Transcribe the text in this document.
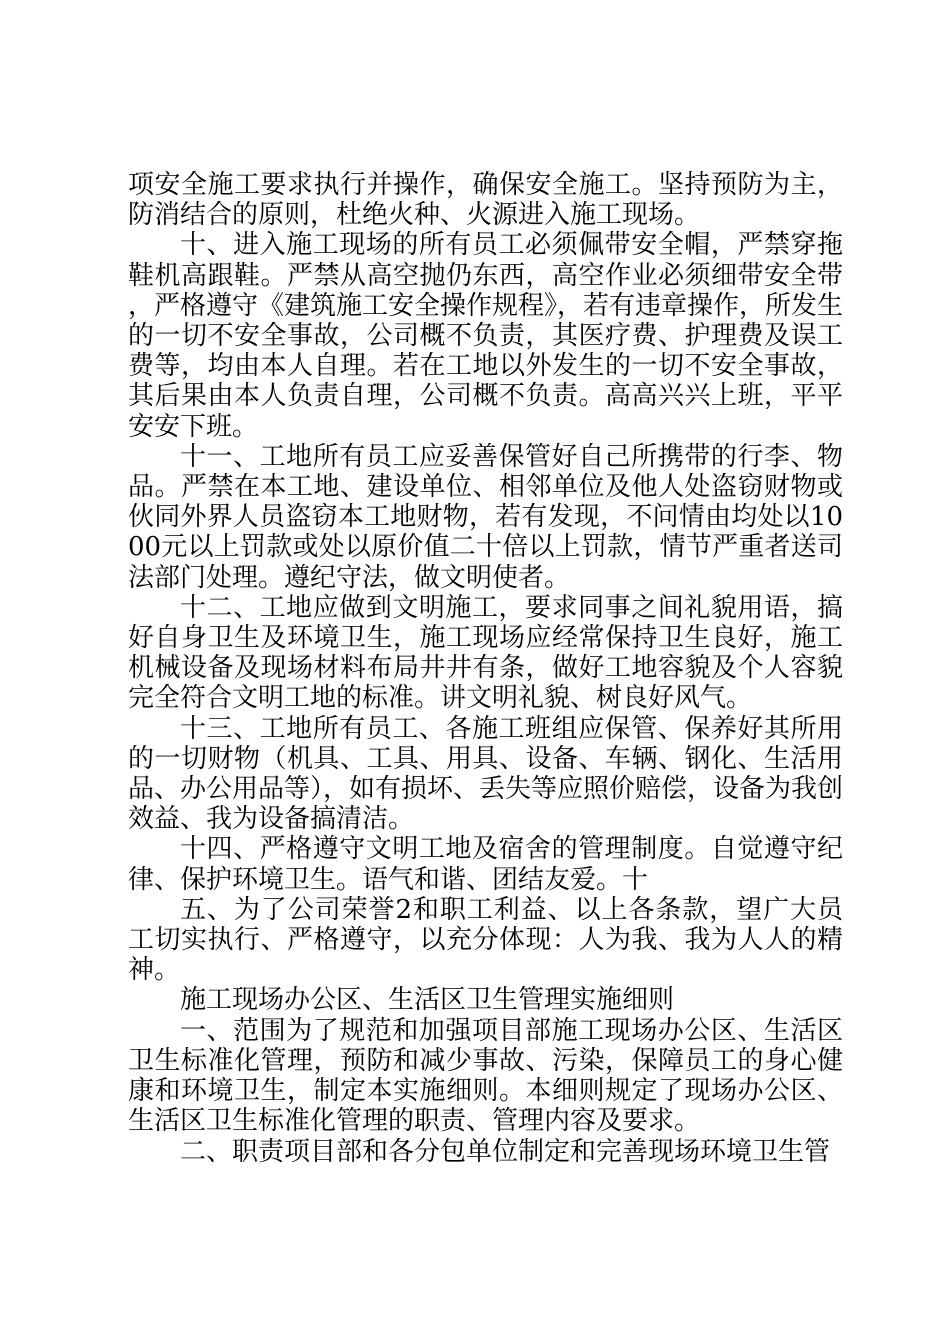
项安全施工要求执行并操作，确保安全施工。坚持预防为主，防消结合的原则，杜绝火种、火源进入施工现场。

十、进入施工现场的所有员工必须佩带安全帽，严禁穿拖鞋机高跟鞋。严禁从高空抛仍东西，高空作业必须细带安全带，严格遵守《建筑施工安全操作规程》，若有违章操作，所发生的一切不安全事故，公司概不负责，其医疗费、护理费及误工费等，均由本人自理。若在工地以外发生的一切不安全事故，其后果由本人负责自理，公司概不负责。高高兴兴上班，平平安安下班。

十一、工地所有员工应妥善保管好自己所携带的行李、物品。严禁在本工地、建设单位、相邻单位及他人处盗窃财物或伙同外界人员盗窃本工地财物，若有发现，不问情由均处以1000元以上罚款或处以原价值二十倍以上罚款，情节严重者送司法部门处理。遵纪守法，做文明使者。

十二、工地应做到文明施工，要求同事之间礼貌用语，搞好自身卫生及环境卫生，施工现场应经常保持卫生良好，施工机械设备及现场材料布局井井有条，做好工地容貌及个人容貌完全符合文明工地的标准。讲文明礼貌、树良好风气。

十三、工地所有员工、各施工班组应保管、保养好其所用的一切财物（机具、工具、用具、设备、车辆、钢化、生活用品、办公用品等），如有损坏、丢失等应照价赔偿，设备为我创效益、我为设备搞清洁。

十四、严格遵守文明工地及宿舍的管理制度。自觉遵守纪律、保护环境卫生。语气和谐、团结友爱。十

五、为了公司荣誉2和职工利益、以上各条款，望广大员工切实执行、严格遵守，以充分体现：人为我、我为人人的精神。

施工现场办公区、生活区卫生管理实施细则

一、范围为了规范和加强项目部施工现场办公区、生活区卫生标准化管理，预防和减少事故、污染，保障员工的身心健康和环境卫生，制定本实施细则。本细则规定了现场办公区、生活区卫生标准化管理的职责、管理内容及要求。

二、职责项目部和各分包单位制定和完善现场环境卫生管
